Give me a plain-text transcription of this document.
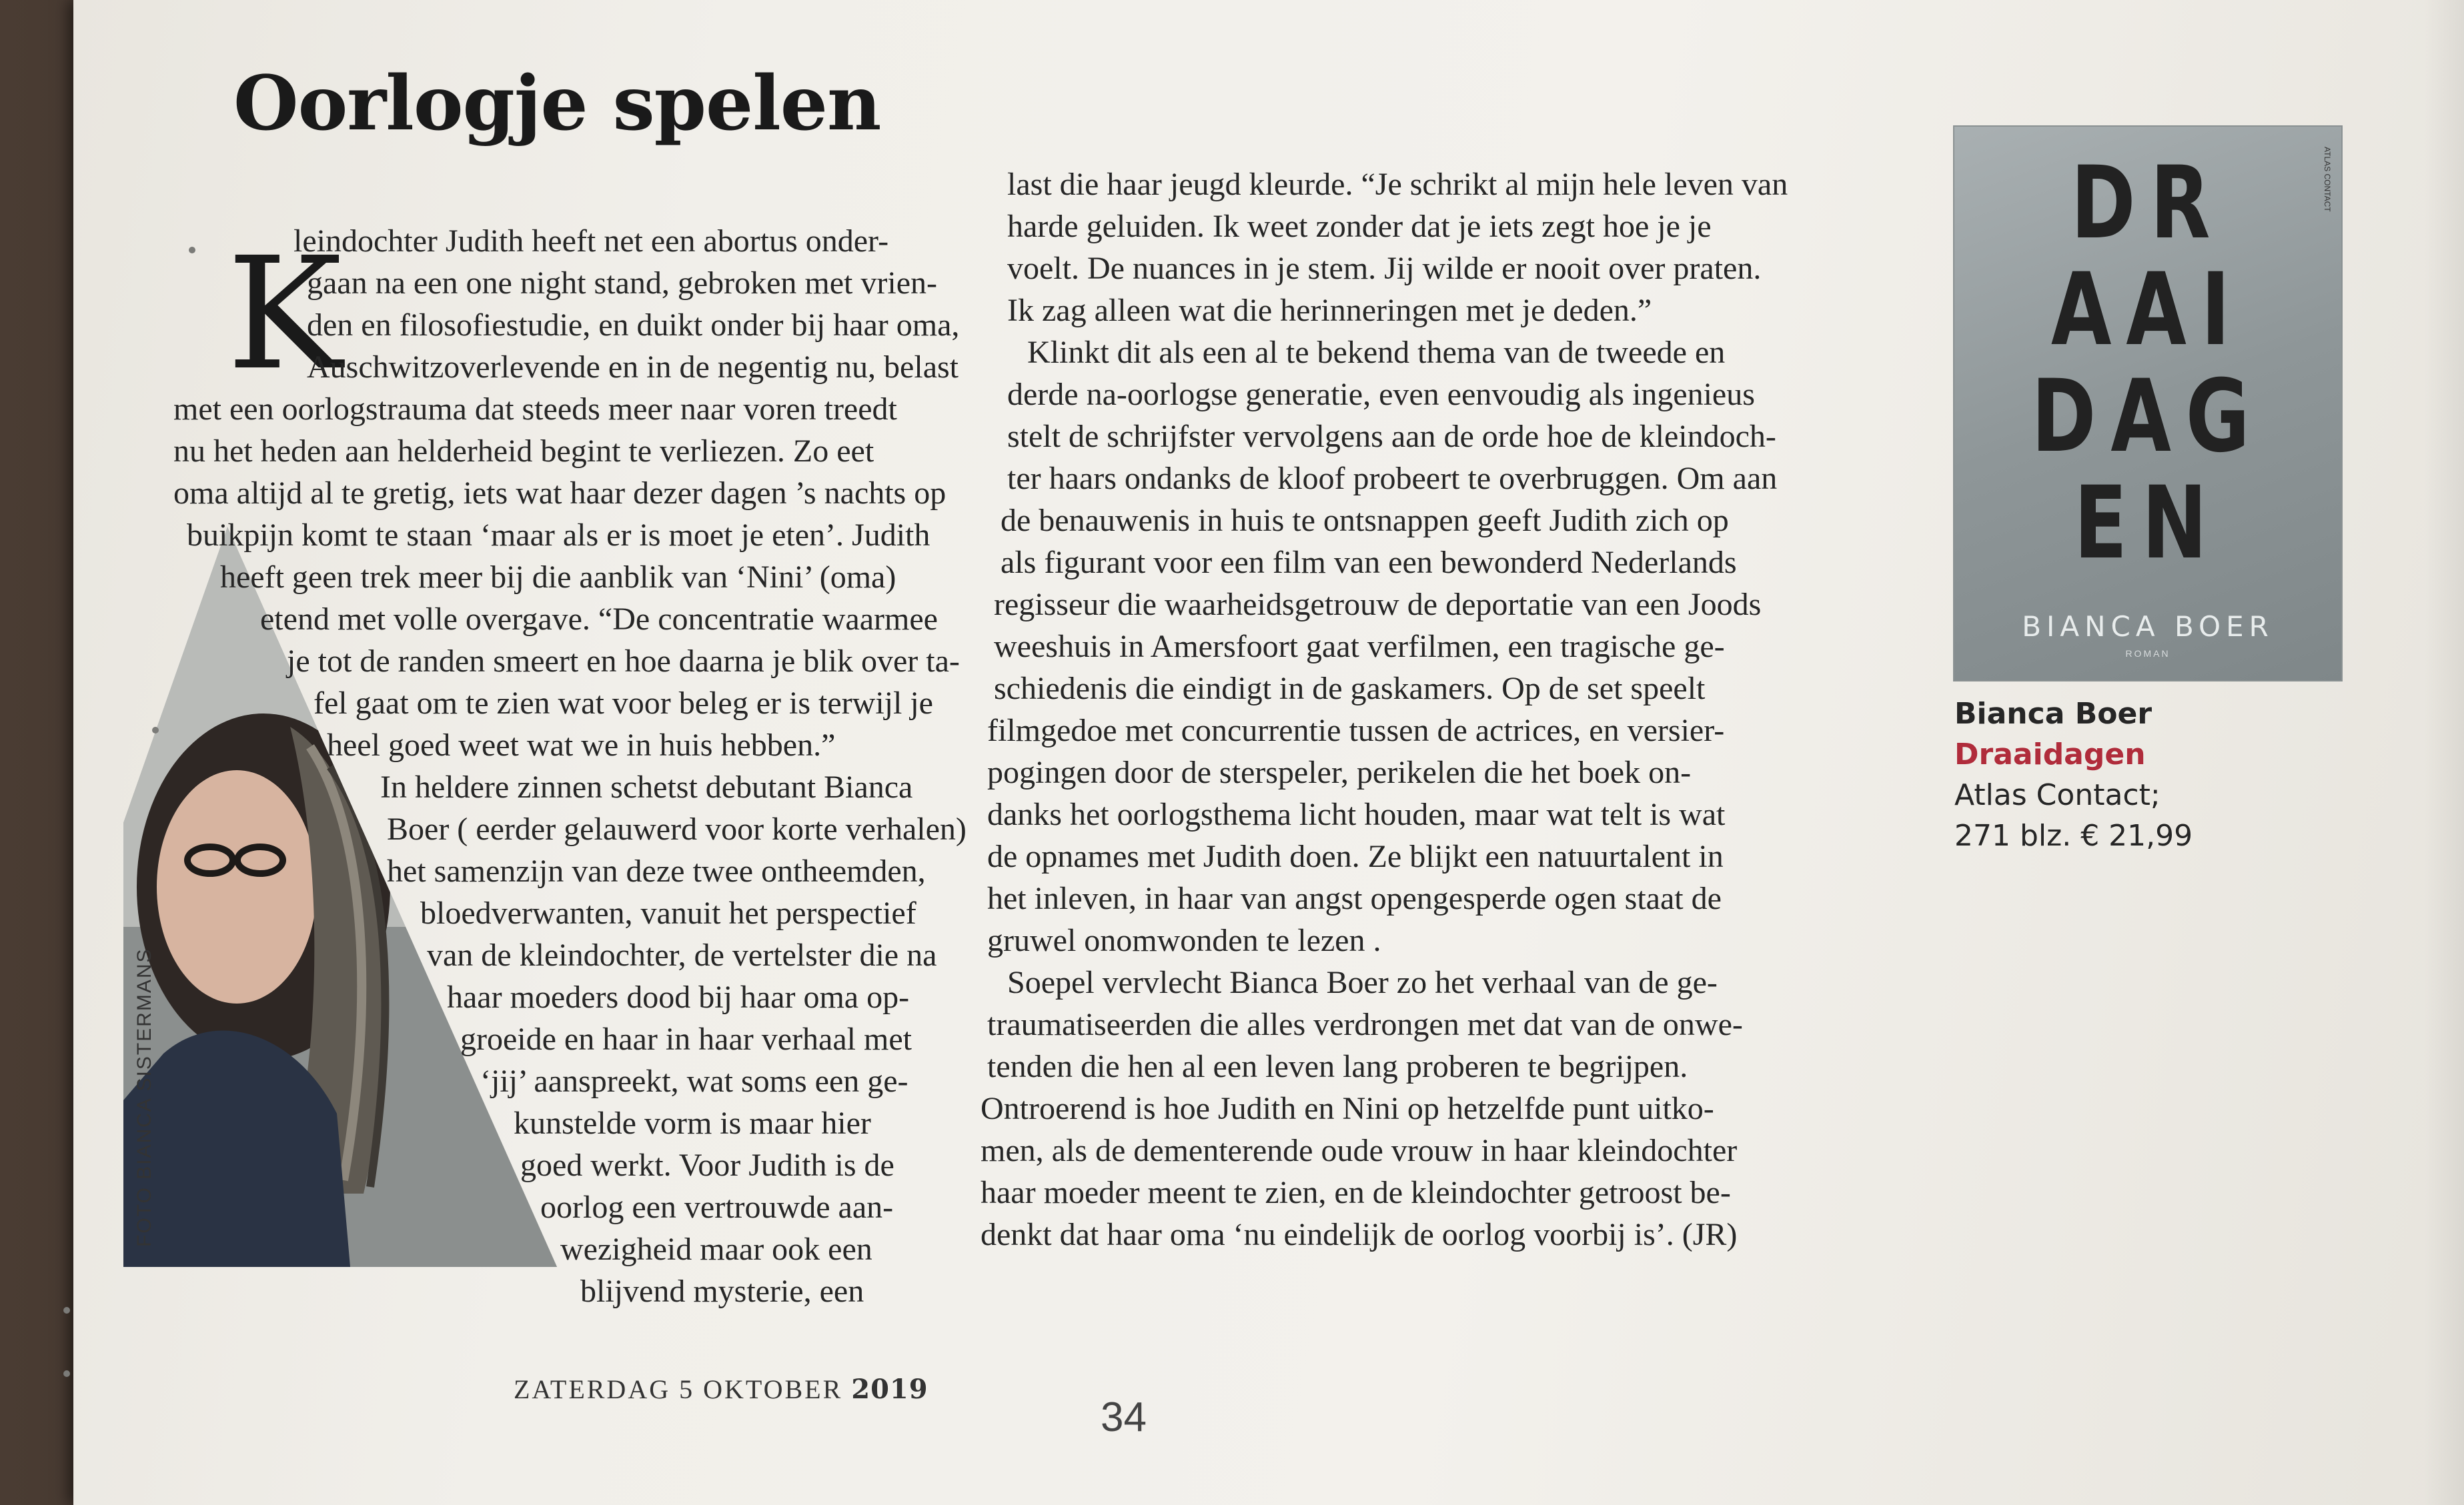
Oorlogje spelen
K
FOTO BIANCA SISTERMANS
leindochter Judith heeft net een abortus onder-
gaan na een one night stand, gebroken met vrien-
den en filosofiestudie, en duikt onder bij haar oma,
Auschwitzoverlevende en in de negentig nu, belast
met een oorlogstrauma dat steeds meer naar voren treedt
nu het heden aan helderheid begint te verliezen. Zo eet
oma altijd al te gretig, iets wat haar dezer dagen ’s nachts op
buikpijn komt te staan ‘maar als er is moet je eten’. Judith
heeft geen trek meer bij die aanblik van ‘Nini’ (oma)
etend met volle overgave. “De concentratie waarmee
je tot de randen smeert en hoe daarna je blik over ta-
fel gaat om te zien wat voor beleg er is terwijl je
heel goed weet wat we in huis hebben.”
In heldere zinnen schetst debutant Bianca
Boer ( eerder gelauwerd voor korte verhalen)
het samenzijn van deze twee ontheemden,
bloedverwanten, vanuit het perspectief
van de kleindochter, de vertelster die na
haar moeders dood bij haar oma op-
groeide en haar in haar verhaal met
‘jij’ aanspreekt, wat soms een ge-
kunstelde vorm is maar hier
goed werkt. Voor Judith is de
oorlog een vertrouwde aan-
wezigheid maar ook een
blijvend mysterie, een
last die haar jeugd kleurde. “Je schrikt al mijn hele leven van
harde geluiden. Ik weet zonder dat je iets zegt hoe je je
voelt. De nuances in je stem. Jij wilde er nooit over praten.
Ik zag alleen wat die herinneringen met je deden.”
Klinkt dit als een al te bekend thema van de tweede en
derde na-oorlogse generatie, even eenvoudig als ingenieus
stelt de schrijfster vervolgens aan de orde hoe de kleindoch-
ter haars ondanks de kloof probeert te overbruggen. Om aan
de benauwenis in huis te ontsnappen geeft Judith zich op
als figurant voor een film van een bewonderd Nederlands
regisseur die waarheidsgetrouw de deportatie van een Joods
weeshuis in Amersfoort gaat verfilmen, een tragische ge-
schiedenis die eindigt in de gaskamers. Op de set speelt
filmgedoe met concurrentie tussen de actrices, en versier-
pogingen door de sterspeler, perikelen die het boek on-
danks het oorlogsthema licht houden, maar wat telt is wat
de opnames met Judith doen. Ze blijkt een natuurtalent in
het inleven, in haar van angst opengesperde ogen staat de
gruwel onomwonden te lezen .
Soepel vervlecht Bianca Boer zo het verhaal van de ge-
traumatiseerden die alles verdrongen met dat van de onwe-
tenden die hen al een leven lang proberen te begrijpen.
Ontroerend is hoe Judith en Nini op hetzelfde punt uitko-
men, als de dementerende oude vrouw in haar kleindochter
haar moeder meent te zien, en de kleindochter getroost be-
denkt dat haar oma ‘nu eindelijk de oorlog voorbij is’. (JR)
ATLAS CONTACT
DR
AAI
DAG
EN
BIANCA BOER
ROMAN
Bianca Boer
Draaidagen
Atlas Contact;
271 blz. € 21,99
ZATERDAG 5 OKTOBER 2019
34
